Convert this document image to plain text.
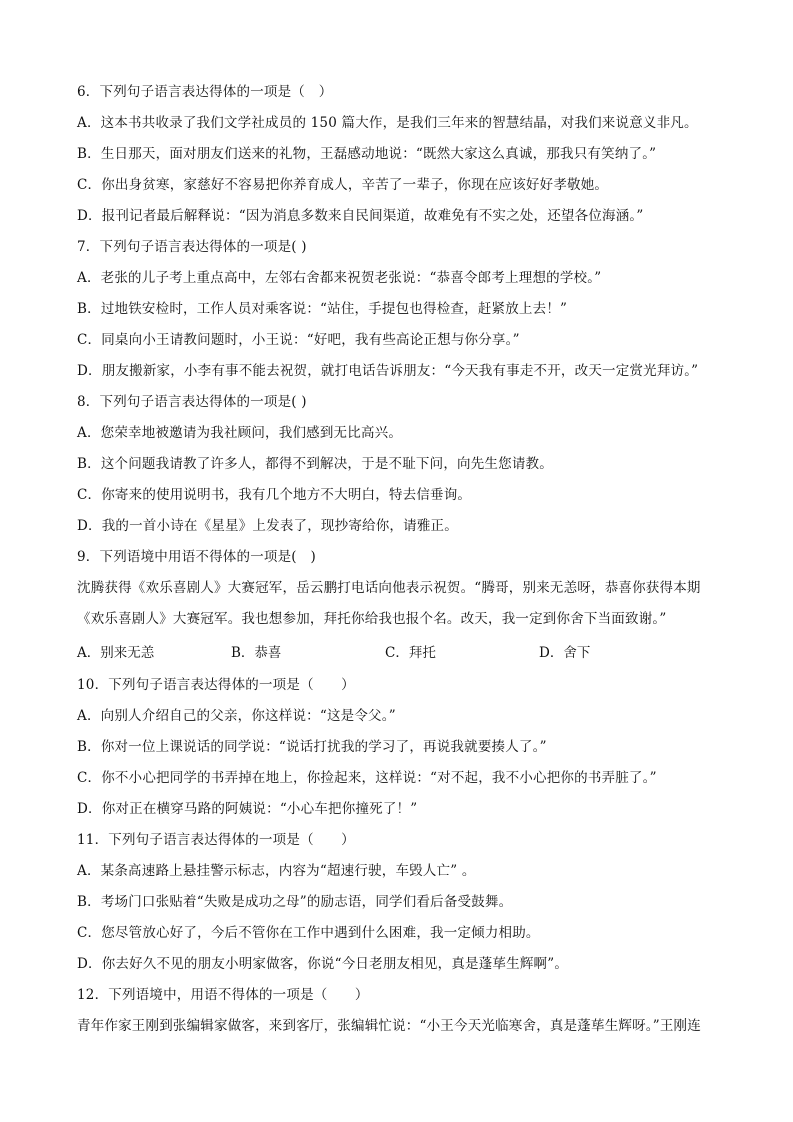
6．下列句子语言表达得体的一项是（　）
A．这本书共收录了我们文学社成员的 150 篇大作，是我们三年来的智慧结晶，对我们来说意义非凡。
B．生日那天，面对朋友们送来的礼物，王磊感动地说：“既然大家这么真诚，那我只有笑纳了。”
C．你出身贫寒，家慈好不容易把你养育成人，辛苦了一辈子，你现在应该好好孝敬她。
D．报刊记者最后解释说：“因为消息多数来自民间渠道，故难免有不实之处，还望各位海涵。”
7．下列句子语言表达得体的一项是( )
A．老张的儿子考上重点高中，左邻右舍都来祝贺老张说：“恭喜令郎考上理想的学校。”
B．过地铁安检时，工作人员对乘客说：“站住，手提包也得检查，赶紧放上去！”
C．同桌向小王请教问题时，小王说：“好吧，我有些高论正想与你分享。”
D．朋友搬新家，小李有事不能去祝贺，就打电话告诉朋友：“今天我有事走不开，改天一定赏光拜访。”
8．下列句子语言表达得体的一项是( )
A．您荣幸地被邀请为我社顾问，我们感到无比高兴。
B．这个问题我请教了许多人，都得不到解决，于是不耻下问，向先生您请教。
C．你寄来的使用说明书，我有几个地方不大明白，特去信垂询。
D．我的一首小诗在《星星》上发表了，现抄寄给你，请雅正。
9．下列语境中用语不得体的一项是(　)
沈腾获得《欢乐喜剧人》大赛冠军，岳云鹏打电话向他表示祝贺。“腾哥，别来无恙呀，恭喜你获得本期
《欢乐喜剧人》大赛冠军。我也想参加，拜托你给我也报个名。改天，我一定到你舍下当面致谢。”
A．别来无恙	B．恭喜	C．拜托	D．舍下
10．下列句子语言表达得体的一项是（　　）
A．向别人介绍自己的父亲，你这样说：“这是令父。”
B．你对一位上课说话的同学说：“说话打扰我的学习了，再说我就要揍人了。”
C．你不小心把同学的书弄掉在地上，你捡起来，这样说：“对不起，我不小心把你的书弄脏了。”
D．你对正在横穿马路的阿姨说：“小心车把你撞死了！”
11．下列句子语言表达得体的一项是（　　）
A．某条高速路上悬挂警示标志，内容为“超速行驶，车毁人亡” 。
B．考场门口张贴着“失败是成功之母”的励志语，同学们看后备受鼓舞。
C．您尽管放心好了，今后不管你在工作中遇到什么困难，我一定倾力相助。
D．你去好久不见的朋友小明家做客，你说“今日老朋友相见，真是蓬荜生辉啊”。
12．下列语境中，用语不得体的一项是（　　）
青年作家王刚到张编辑家做客，来到客厅，张编辑忙说：“小王今天光临寒舍，真是蓬荜生辉呀。”王刚连
